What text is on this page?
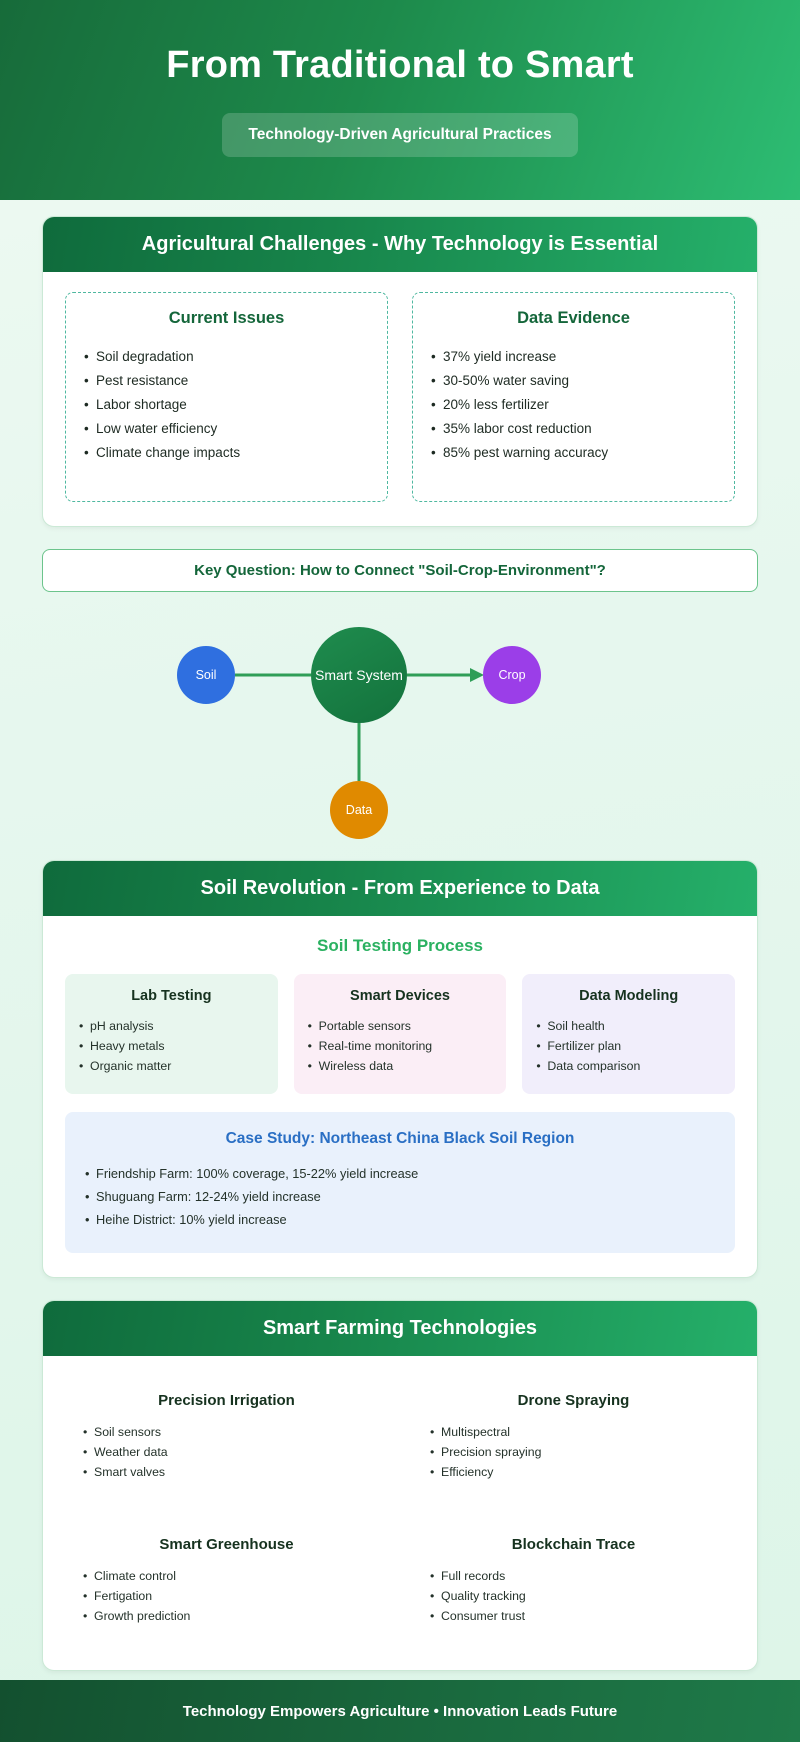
From Traditional to Smart
Technology-Driven Agricultural Practices
Agricultural Challenges - Why Technology is Essential
Current Issues
• Soil degradation
• Pest resistance
• Labor shortage
• Low water efficiency
• Climate change impacts
Data Evidence
• 37% yield increase
• 30-50% water saving
• 20% less fertilizer
• 35% labor cost reduction
• 85% pest warning accuracy
Key Question: How to Connect "Soil-Crop-Environment"?
Smart System
Soil	Crop
Data
Soil Revolution - From Experience to Data
Soil Testing Process
Lab Testing
• pH analysis
• Heavy metals
• Organic matter
Smart Devices
• Portable sensors
• Real-time monitoring
• Wireless data
Data Modeling
• Soil health
• Fertilizer plan
• Data comparison
Case Study: Northeast China Black Soil Region
• Friendship Farm: 100% coverage, 15-22% yield increase
• Shuguang Farm: 12-24% yield increase
• Heihe District: 10% yield increase
Smart Farming Technologies
Precision Irrigation
• Soil sensors
• Weather data
• Smart valves
Drone Spraying
• Multispectral
• Precision spraying
• Efficiency
Smart Greenhouse
• Climate control
• Fertigation
• Growth prediction
Blockchain Trace
• Full records
• Quality tracking
• Consumer trust
Technology Empowers Agriculture • Innovation Leads Future
